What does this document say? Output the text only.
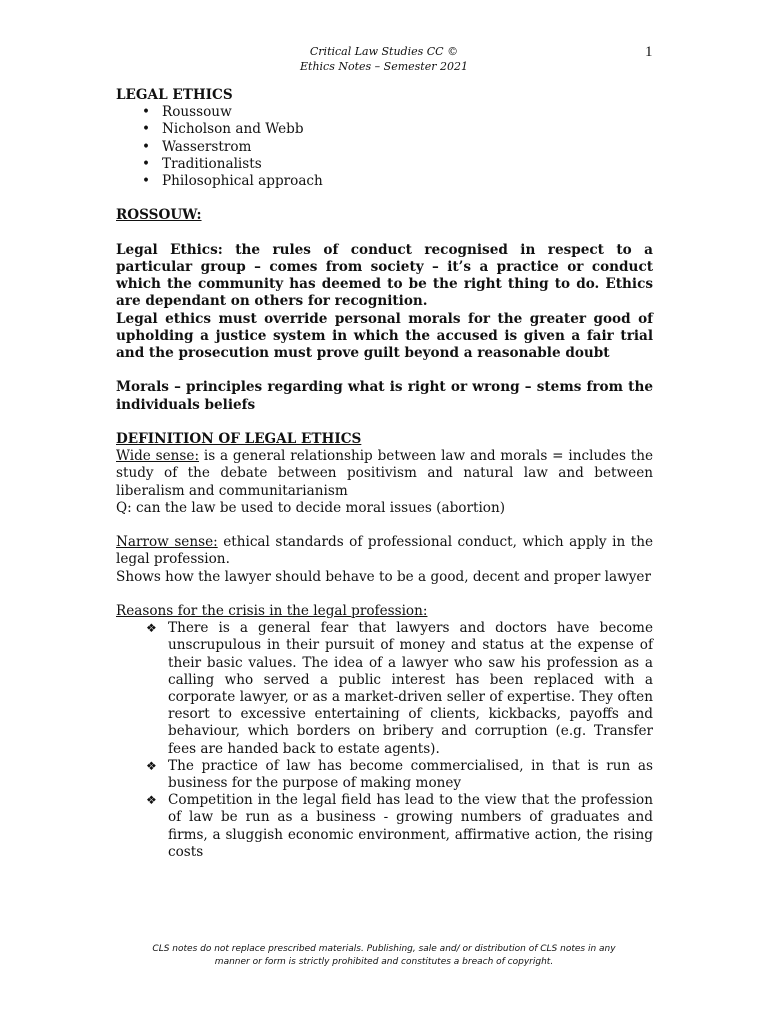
Critical Law Studies CC ©
Ethics Notes – Semester 2021
1

LEGAL ETHICS

• Roussouw
• Nicholson and Webb
• Wasserstrom
• Traditionalists
• Philosophical approach

ROSSOUW:

Legal Ethics: the rules of conduct recognised in respect to a particular group – comes from society – it’s a practice or conduct which the community has deemed to be the right thing to do. Ethics are dependant on others for recognition.

Legal ethics must override personal morals for the greater good of upholding a justice system in which the accused is given a fair trial and the prosecution must prove guilt beyond a reasonable doubt

Morals – principles regarding what is right or wrong – stems from the individuals beliefs

DEFINITION OF LEGAL ETHICS

Wide sense: is a general relationship between law and morals = includes the study of the debate between positivism and natural law and between liberalism and communitarianism

Q: can the law be used to decide moral issues (abortion)

Narrow sense: ethical standards of professional conduct, which apply in the legal profession.

Shows how the lawyer should behave to be a good, decent and proper lawyer

Reasons for the crisis in the legal profession:

❖ There is a general fear that lawyers and doctors have become unscrupulous in their pursuit of money and status at the expense of their basic values. The idea of a lawyer who saw his profession as a calling who served a public interest has been replaced with a corporate lawyer, or as a market-driven seller of expertise. They often resort to excessive entertaining of clients, kickbacks, payoffs and behaviour, which borders on bribery and corruption (e.g. Transfer fees are handed back to estate agents).
❖ The practice of law has become commercialised, in that is run as business for the purpose of making money
❖ Competition in the legal field has lead to the view that the profession of law be run as a business - growing numbers of graduates and firms, a sluggish economic environment, affirmative action, the rising costs
CLS notes do not replace prescribed materials. Publishing, sale and/ or distribution of CLS notes in any
manner or form is strictly prohibited and constitutes a breach of copyright.
